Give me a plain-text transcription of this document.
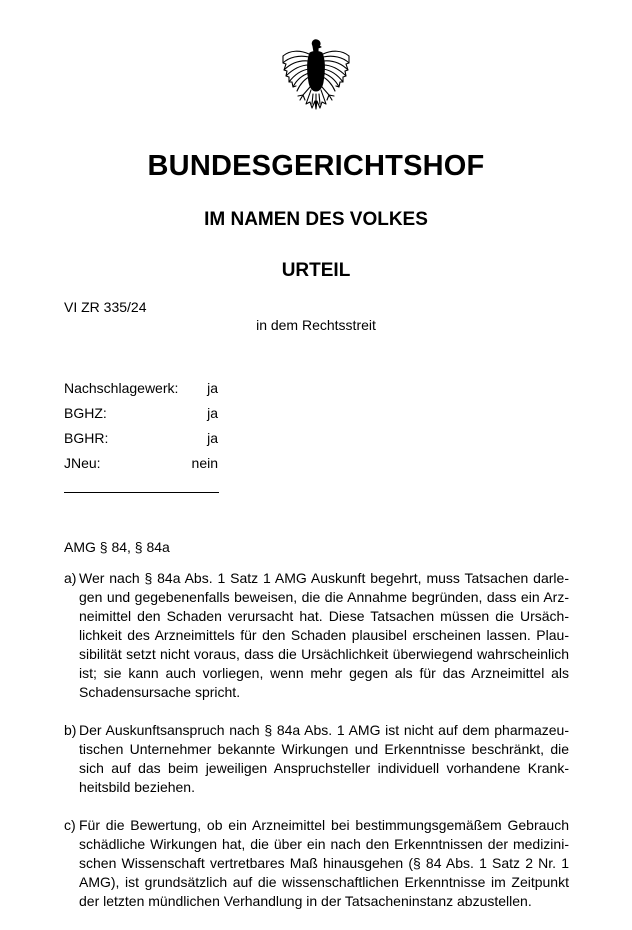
BUNDESGERICHTSHOF
IM NAMEN DES VOLKES
URTEIL
VI ZR 335/24
in dem Rechtsstreit
Nachschlagewerk: ja
BGHZ:	ja
BGHR:	ja
JNeu:	nein
AMG § 84, § 84a
a) Wer nach § 84a Abs. 1 Satz 1 AMG Auskunft begehrt, muss Tatsachen darlegen und gegebenenfalls beweisen, die die Annahme begründen, dass ein Arzneimittel den Schaden verursacht hat. Diese Tatsachen müssen die Ursächlichkeit des Arzneimittels für den Schaden plausibel erscheinen lassen. Plausibilität setzt nicht voraus, dass die Ursächlichkeit überwiegend wahrscheinlich ist; sie kann auch vorliegen, wenn mehr gegen als für das Arzneimittel als Schadensursache spricht.
b) Der Auskunftsanspruch nach § 84a Abs. 1 AMG ist nicht auf dem pharmazeutischen Unternehmer bekannte Wirkungen und Erkenntnisse beschränkt, die sich auf das beim jeweiligen Anspruchsteller individuell vorhandene Krankheitsbild beziehen.
c) Für die Bewertung, ob ein Arzneimittel bei bestimmungsgemäßem Gebrauch schädliche Wirkungen hat, die über ein nach den Erkenntnissen der medizinischen Wissenschaft vertretbares Maß hinausgehen (§ 84 Abs. 1 Satz 2 Nr. 1 AMG), ist grundsätzlich auf die wissenschaftlichen Erkenntnisse im Zeitpunkt der letzten mündlichen Verhandlung in der Tatsacheninstanz abzustellen.
